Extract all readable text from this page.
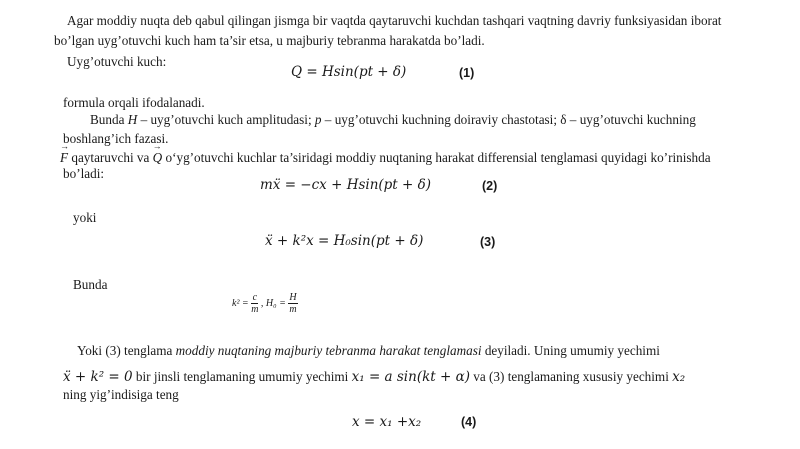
Agar moddiy nuqta deb qabul qilingan jismga bir vaqtda qaytaruvchi kuchdan tashqari vaqtning davriy funksiyasidan iborat
bo’lgan uyg’otuvchi kuch ham ta’sir etsa, u majburiy tebranma harakatda bo’ladi.
Uyg’otuvchi kuch:
Q = Hsin(pt + δ)	(1)
formula orqali ifodalanadi.
Bunda H – uyg’otuvchi kuch amplitudasi; p – uyg’otuvchi kuchning doiraviy chastotasi; δ – uyg’otuvchi kuchning
boshlang’ich fazasi.
→ F qaytaruvchi va → Q o‘yg’otuvchi kuchlar ta’siridagi moddiy nuqtaning harakat differensial tenglamasi quyidagi ko’rinishda
bo’ladi:
mẍ = −cx + Hsin(pt + δ)	(2)
yoki
ẍ + k²x = H₀sin(pt + δ)	(3)
Bunda
$k^2 = \frac{c}{m}$ , $H_0 = \frac{H}{m}$
Yoki (3) tenglama moddiy nuqtaning majburiy tebranma harakat tenglamasi deyiladi. Uning umumiy yechimi
ẍ + k² = 0 bir jinsli tenglamaning umumiy yechimi x₁ = a sin(kt + α) va (3) tenglamaning xususiy yechimi x₂
ning yig’indisiga teng
x = x₁ +x₂	(4)
